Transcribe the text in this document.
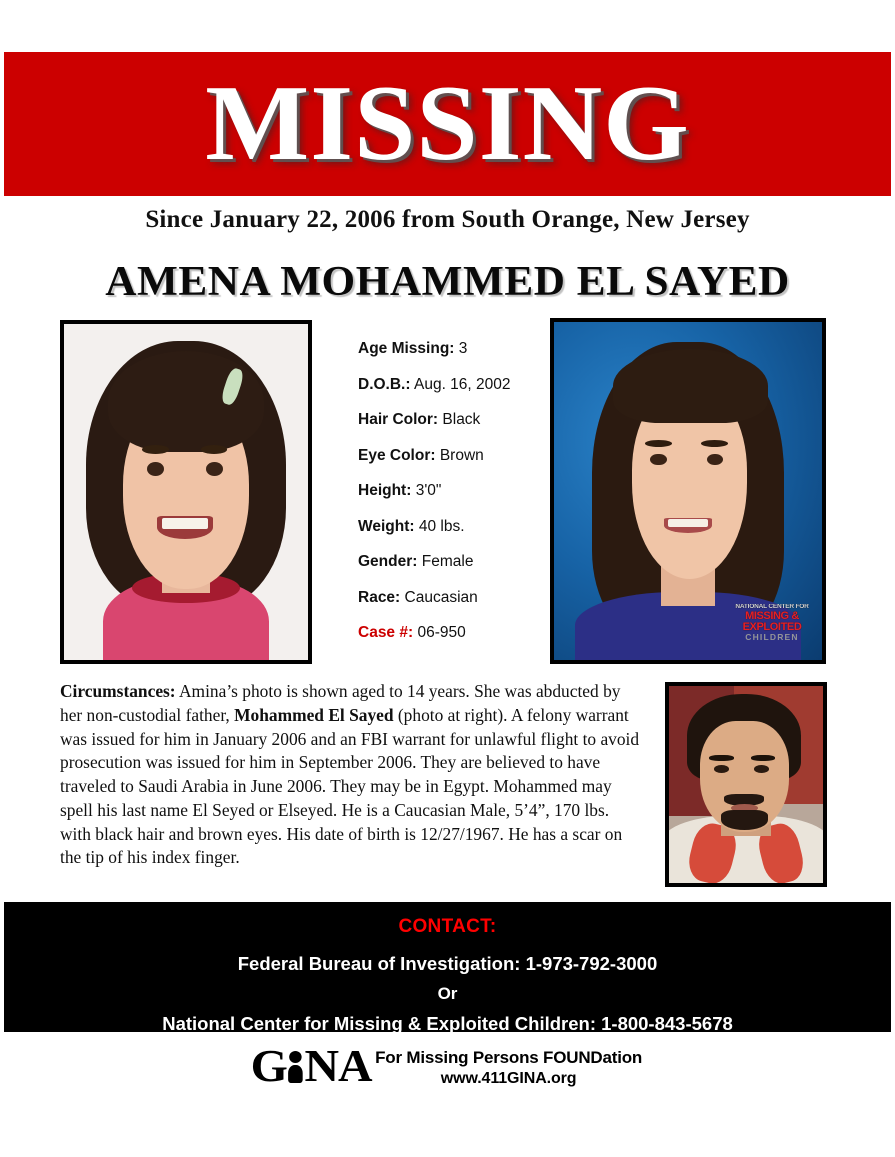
MISSING
Since January 22, 2006 from South Orange, New Jersey
AMENA MOHAMMED EL SAYED
Age Missing: 3
D.O.B.: Aug. 16, 2002
Hair Color: Black
Eye Color: Brown
Height: 3'0"
Weight: 40 lbs.
Gender: Female
Race: Caucasian
Case #: 06-950
NATIONAL CENTER FOR
MISSING &
EXPLOITED
CHILDREN
Circumstances: Amina’s photo is shown aged to 14 years. She was abducted by her non-custodial father, Mohammed El Sayed (photo at right). A felony warrant was issued for him in January 2006 and an FBI warrant for unlawful flight to avoid prosecution was issued for him in September 2006. They are believed to have traveled to Saudi Arabia in June 2006. They may be in Egypt. Mohammed may spell his last name El Seyed or Elseyed. He is a Caucasian Male, 5’4”, 170 lbs. with black hair and brown eyes. His date of birth is 12/27/1967. He has a scar on the tip of his index finger.
CONTACT:
Federal Bureau of Investigation: 1-973-792-3000
Or
National Center for Missing & Exploited Children: 1-800-843-5678
G NA For Missing Persons FOUNDation
www.411GINA.org
